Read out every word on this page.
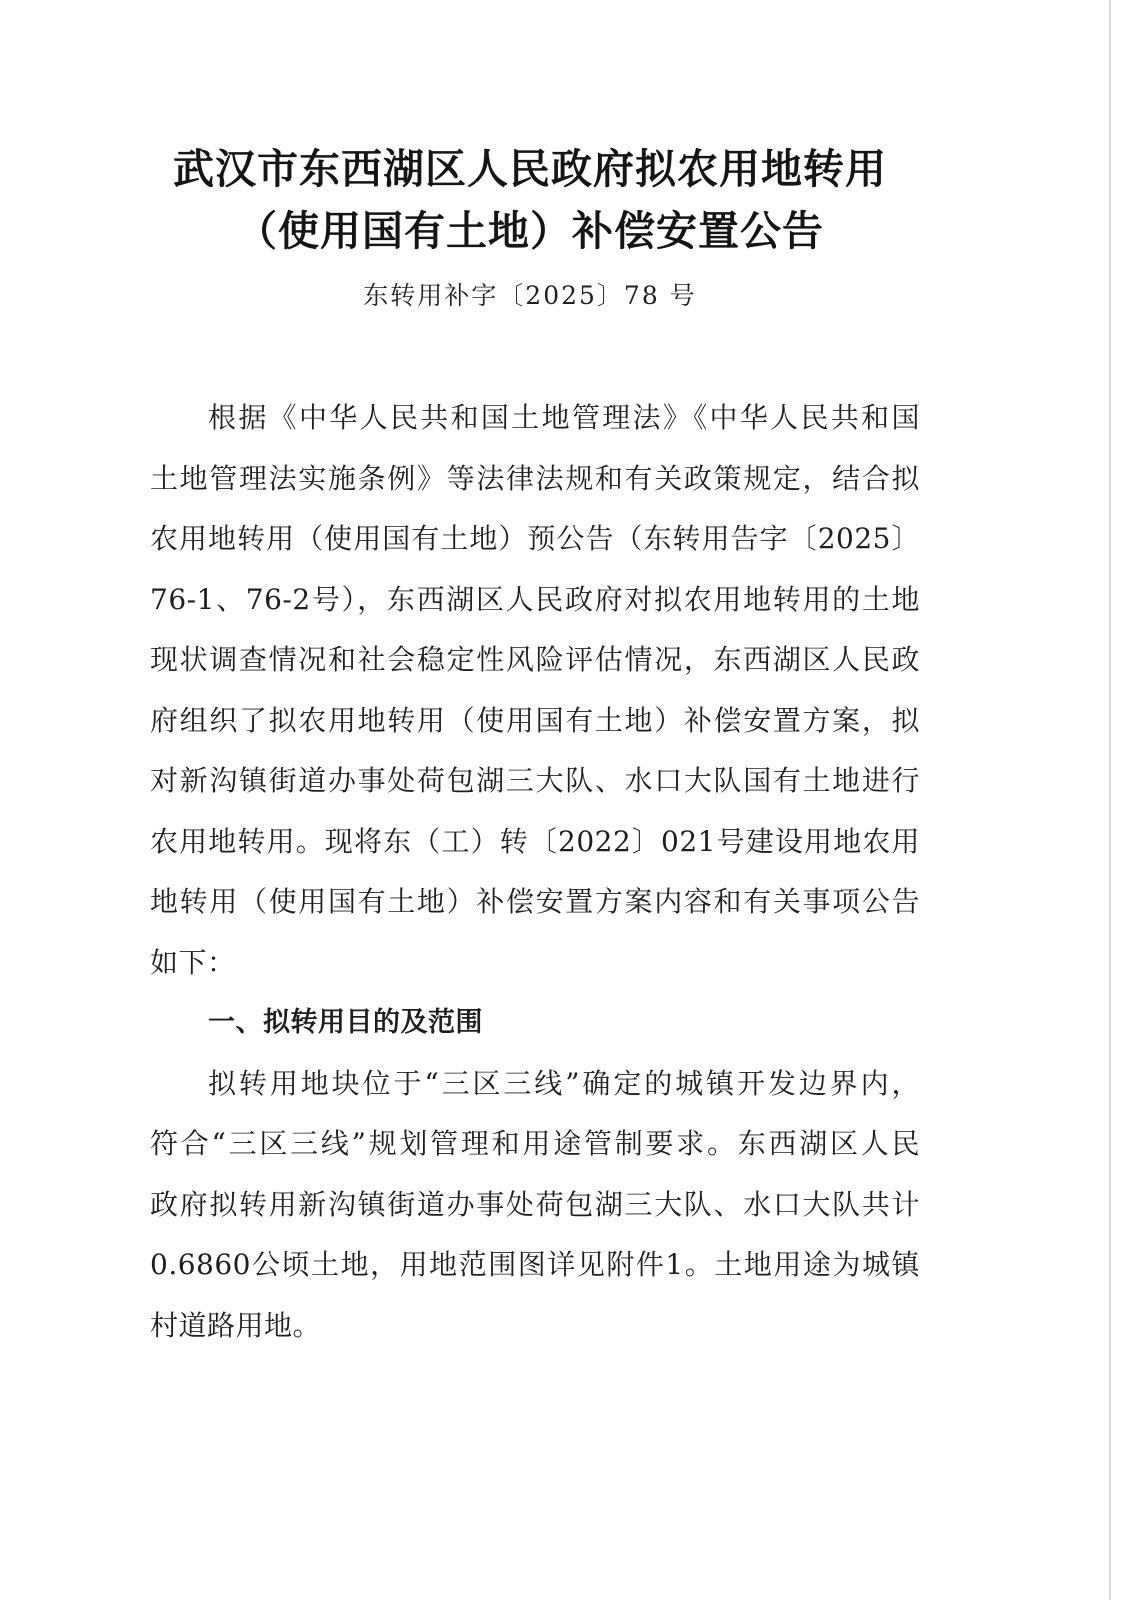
武汉市东西湖区人民政府拟农用地转用
（使用国有土地）补偿安置公告
东转用补字〔2025〕78 号
根据《中华人民共和国土地管理法》《中华人民共和国
土地管理法实施条例》等法律法规和有关政策规定，结合拟
农用地转用（使用国有土地）预公告（东转用告字〔2025〕
76-1、76-2号），东西湖区人民政府对拟农用地转用的土地
现状调查情况和社会稳定性风险评估情况，东西湖区人民政
府组织了拟农用地转用（使用国有土地）补偿安置方案，拟
对新沟镇街道办事处荷包湖三大队、水口大队国有土地进行
农用地转用。现将东（工）转〔2022〕021号建设用地农用
地转用（使用国有土地）补偿安置方案内容和有关事项公告
如下：
一、拟转用目的及范围
拟转用地块位于“三区三线”确定的城镇开发边界内，
符合“三区三线”规划管理和用途管制要求。东西湖区人民
政府拟转用新沟镇街道办事处荷包湖三大队、水口大队共计
0.6860公顷土地，用地范围图详见附件1。土地用途为城镇
村道路用地。
